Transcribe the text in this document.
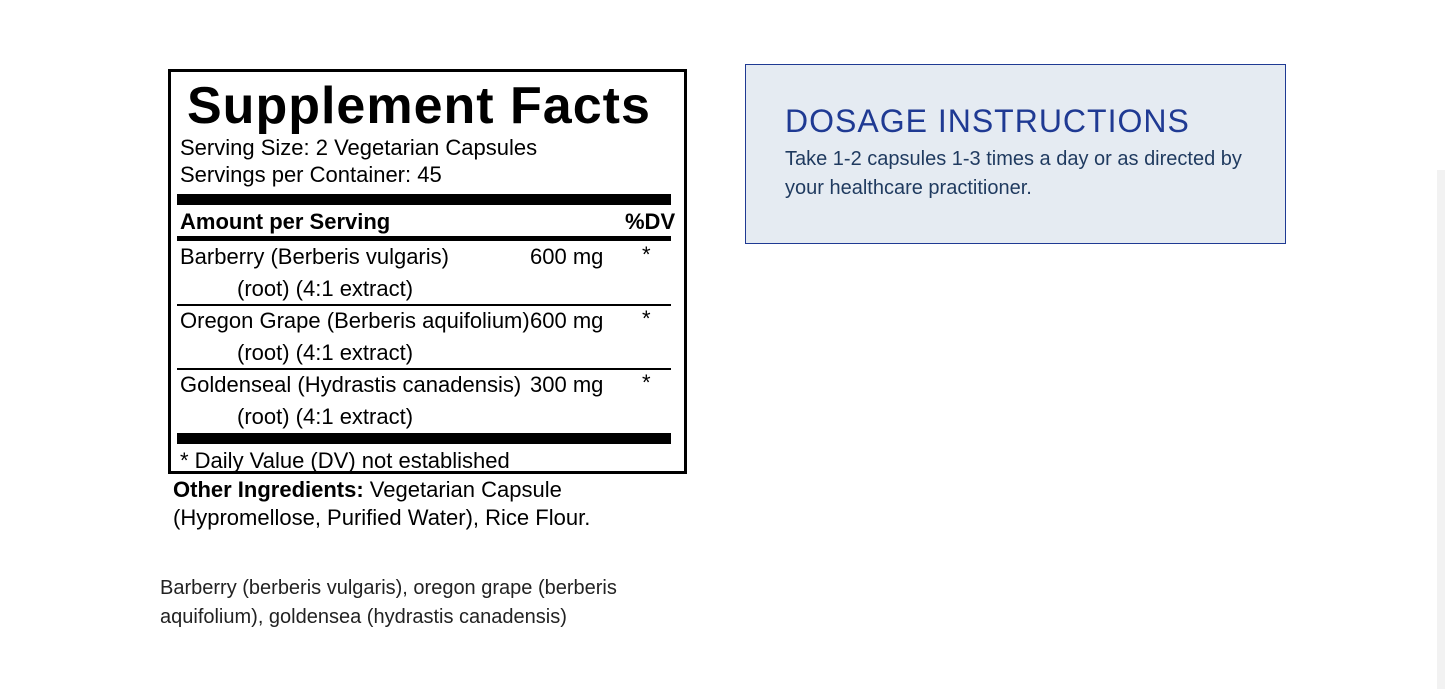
Supplement Facts
Serving Size: 2 Vegetarian Capsules
Servings per Container: 45
Amount per Serving	%DV
Barberry (Berberis vulgaris)	600 mg *
(root) (4:1 extract)
Oregon Grape (Berberis aquifolium) 600 mg *
(root) (4:1 extract)
Goldenseal (Hydrastis canadensis) 300 mg *
(root) (4:1 extract)
* Daily Value (DV) not established
Other Ingredients: Vegetarian Capsule (Hypromellose, Purified Water), Rice Flour.
Barberry (berberis vulgaris), oregon grape (berberis aquifolium), goldensea (hydrastis canadensis)
DOSAGE INSTRUCTIONS
Take 1-2 capsules 1-3 times a day or as directed by your healthcare practitioner.
